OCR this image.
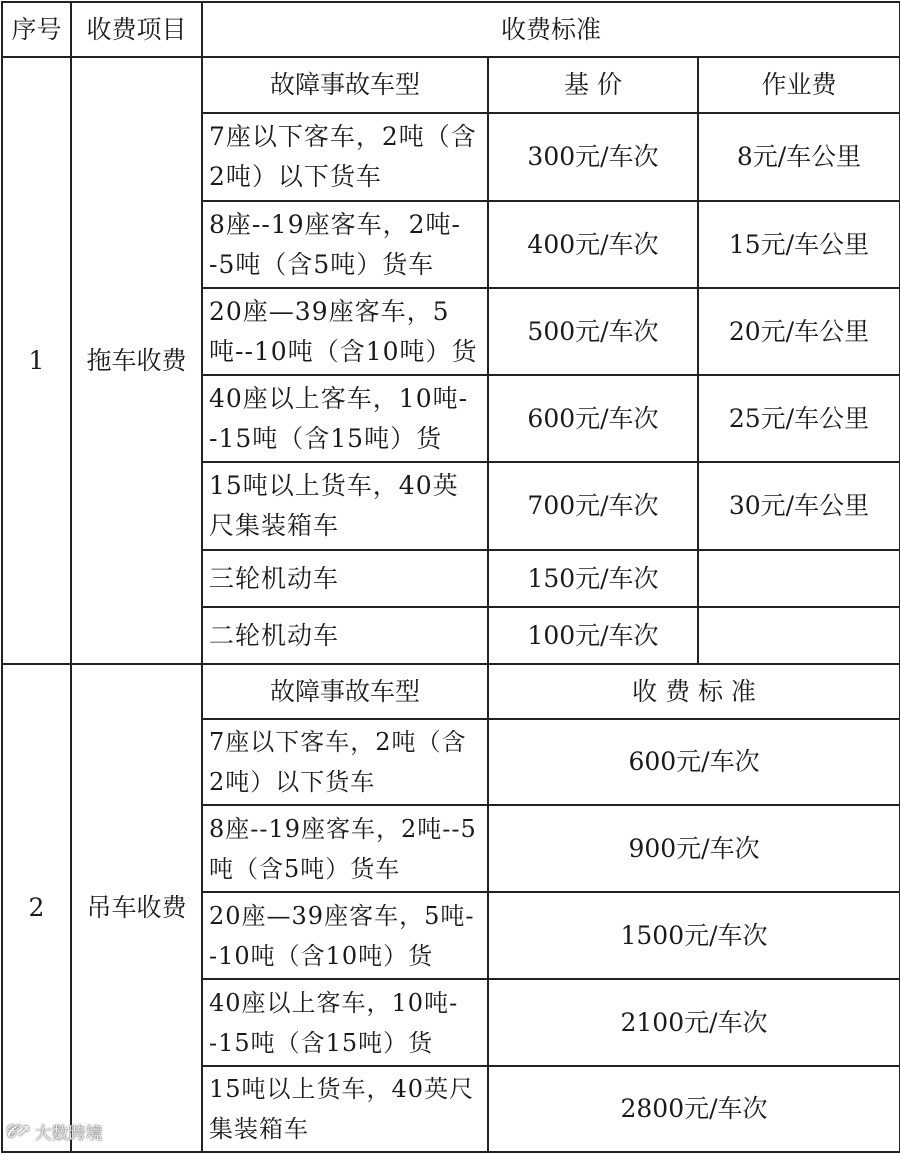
序号	收费项目	收费标准		
1	拖车收费	故障事故车型	基 价	作业费
		7座以下客车，2吨（含2吨）以下货车	300元/车次	8元/车公里
		8座--19座客车，2吨--5吨（含5吨）货车	400元/车次	15元/车公里
		20座—39座客车，5吨--10吨（含10吨）货	500元/车次	20元/车公里
		40座以上客车，10吨--15吨（含15吨）货	600元/车次	25元/车公里
		15吨以上货车，40英尺集装箱车	700元/车次	30元/车公里
		三轮机动车	150元/车次	
		二轮机动车	100元/车次	
2	吊车收费	故障事故车型	收 费 标 准	
		7座以下客车，2吨（含2吨）以下货车	600元/车次	
		8座--19座客车，2吨--5吨（含5吨）货车	900元/车次	
		20座—39座客车，5吨--10吨（含10吨）货	1500元/车次	
		40座以上客车，10吨--15吨（含15吨）货	2100元/车次	
		15吨以上货车，40英尺集装箱车	2800元/车次	
𝒞↗ 大数跨境
